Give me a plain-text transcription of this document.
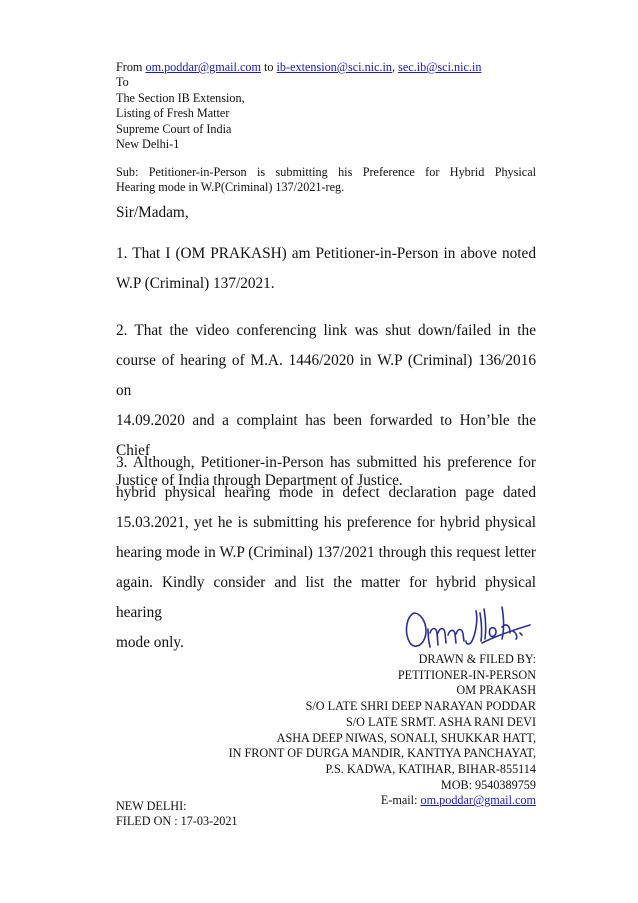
From om.poddar@gmail.com to ib-extension@sci.nic.in, sec.ib@sci.nic.in
To
The Section IB Extension,
Listing of Fresh Matter
Supreme Court of India
New Delhi-1
Sub: Petitioner-in-Person is submitting his Preference for Hybrid Physical
Hearing mode in W.P(Criminal) 137/2021-reg.
Sir/Madam,
1. That I (OM PRAKASH) am Petitioner-in-Person in above noted
W.P (Criminal) 137/2021.
2. That the video conferencing link was shut down/failed in the
course of hearing of M.A. 1446/2020 in W.P (Criminal) 136/2016 on
14.09.2020 and a complaint has been forwarded to Hon’ble the Chief
Justice of India through Department of Justice.
3. Although, Petitioner-in-Person has submitted his preference for
hybrid physical hearing mode in defect declaration page dated
15.03.2021, yet he is submitting his preference for hybrid physical
hearing mode in W.P (Criminal) 137/2021 through this request letter
again. Kindly consider and list the matter for hybrid physical hearing
mode only.
DRAWN & FILED BY:
PETITIONER-IN-PERSON
OM PRAKASH
S/O LATE SHRI DEEP NARAYAN PODDAR
S/O LATE SRMT. ASHA RANI DEVI
ASHA DEEP NIWAS, SONALI, SHUKKAR HATT,
IN FRONT OF DURGA MANDIR, KANTIYA PANCHAYAT,
P.S. KADWA, KATIHAR, BIHAR-855114
MOB: 9540389759
E-mail: om.poddar@gmail.com
NEW DELHI:
FILED ON : 17-03-2021
